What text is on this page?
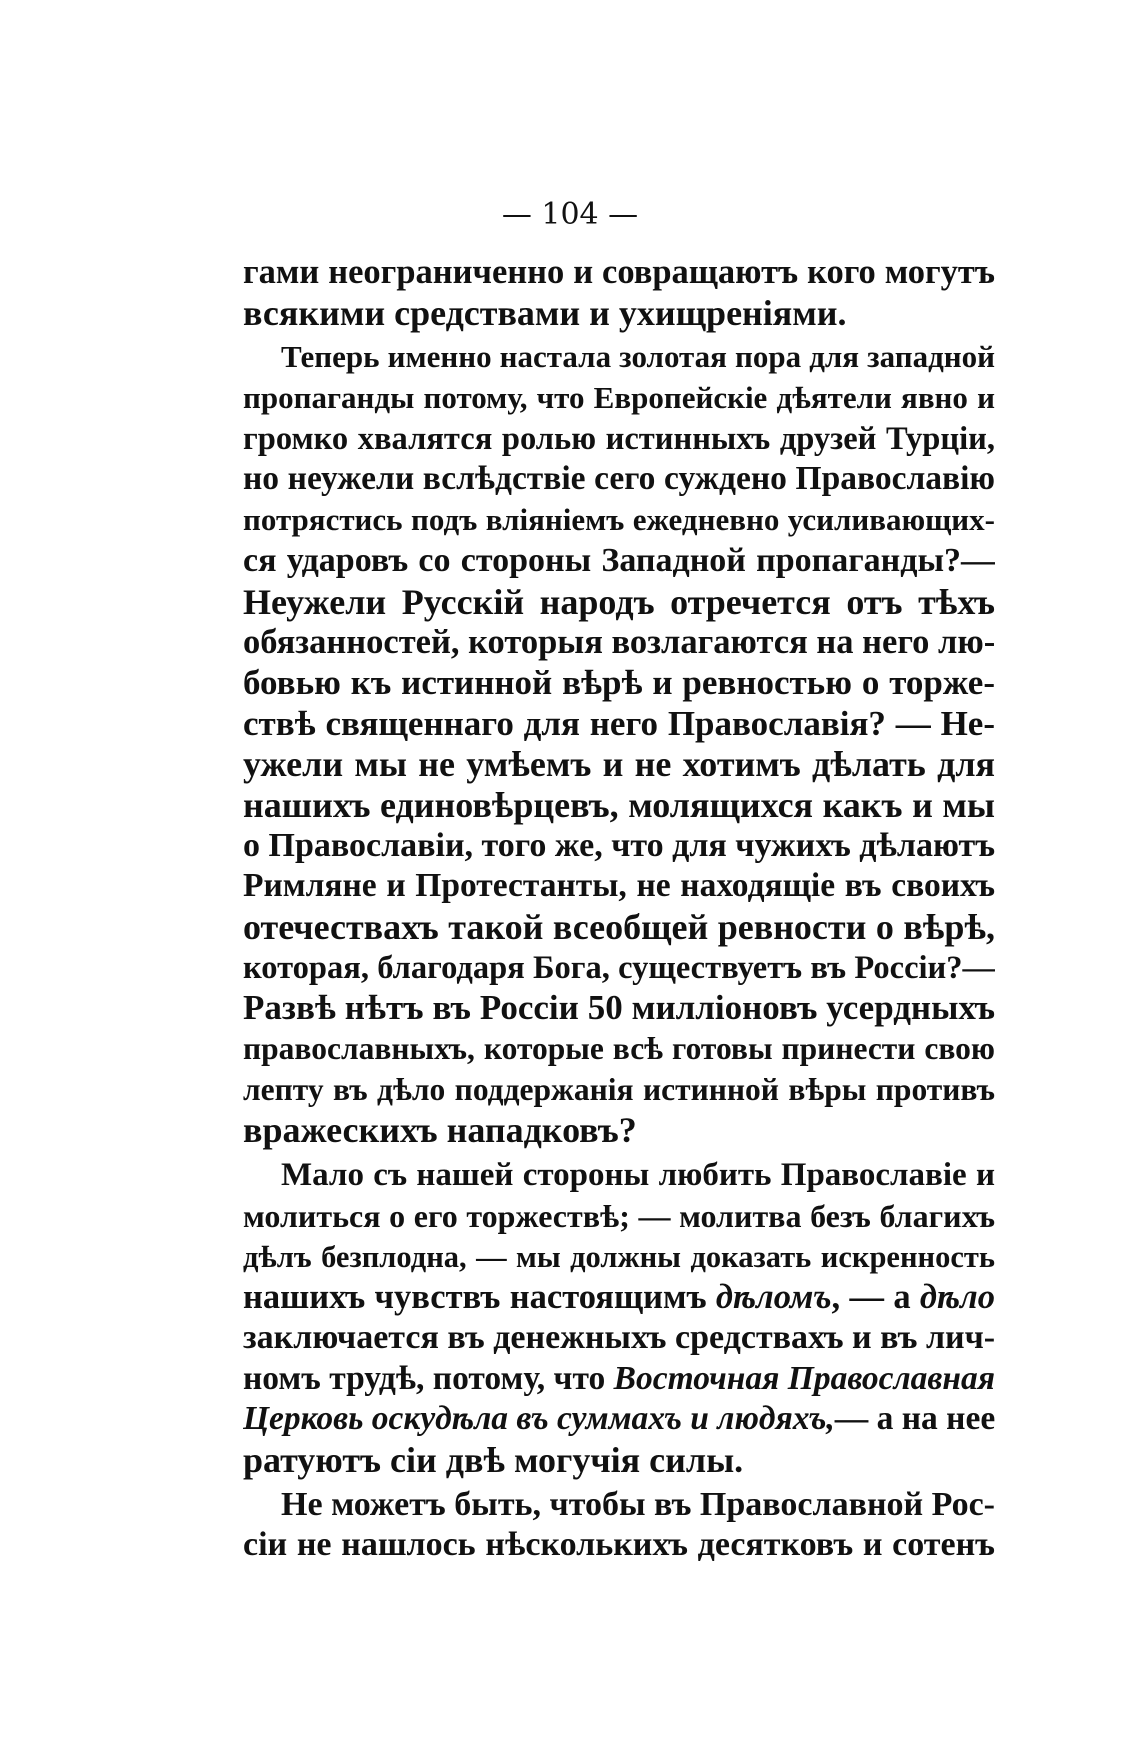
— 104 —
гами неограниченно и совращаютъ кого могутъ
всякими средствами и ухищреніями.
Теперь именно настала золотая пора для западной
пропаганды потому, что Европейскіе дѣятели явно и
громко хвалятся ролью истинныхъ друзей Турціи,
но неужели вслѣдствіе сего суждено Православію
потрястись подъ вліяніемъ ежедневно усиливающих-
ся ударовъ со стороны Западной пропаганды?—
Неужели Русскій народъ отречется отъ тѣхъ
обязанностей, которыя возлагаются на него лю-
бовью къ истинной вѣрѣ и ревностью о торже-
ствѣ священнаго для него Православія? — Не-
ужели мы не умѣемъ и не хотимъ дѣлать для
нашихъ единовѣрцевъ, молящихся какъ и мы
о Православіи, того же, что для чужихъ дѣлаютъ
Римляне и Протестанты, не находящіе въ своихъ
отечествахъ такой всеобщей ревности о вѣрѣ,
которая, благодаря Бога, существуетъ въ Россіи?—
Развѣ нѣтъ въ Россіи 50 милліоновъ усердныхъ
православныхъ, которые всѣ готовы принести свою
лепту въ дѣло поддержанія истинной вѣры противъ
вражескихъ нападковъ?
Мало съ нашей стороны любить Православіе и
молиться о его торжествѣ; — молитва безъ благихъ
дѣлъ безплодна, — мы должны доказать искренность
нашихъ чувствъ настоящимъ дѣломъ, — а дѣло
заключается въ денежныхъ средствахъ и въ лич-
номъ трудѣ, потому, что Восточная Православная
Церковь оскудѣла въ суммахъ и людяхъ,— а на нее
ратуютъ сіи двѣ могучія силы.
Не можетъ быть, чтобы въ Православной Рос-
сіи не нашлось нѣсколькихъ десятковъ и сотенъ
